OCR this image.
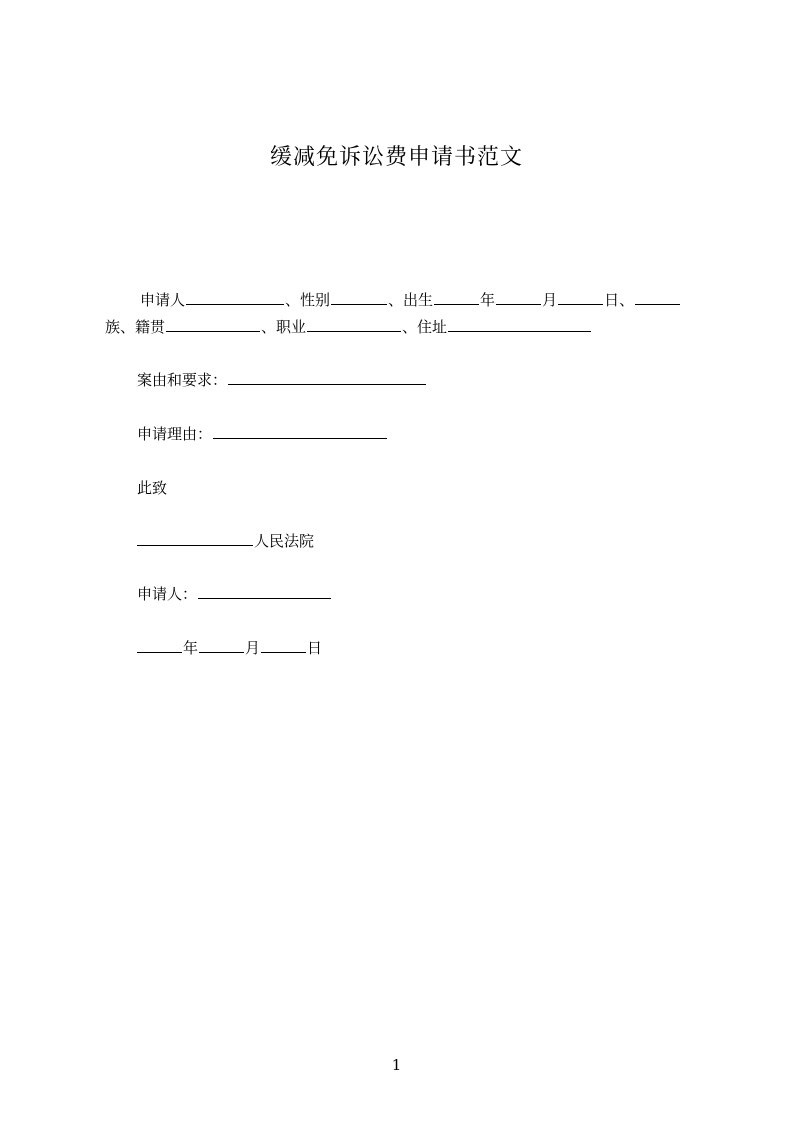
缓减免诉讼费申请书范文
申请人	、性别	、出生	年	月	日、
族、籍贯	、职业	、住址
案由和要求：
申请理由：
此致
人民法院
申请人：
年	月	日
1
